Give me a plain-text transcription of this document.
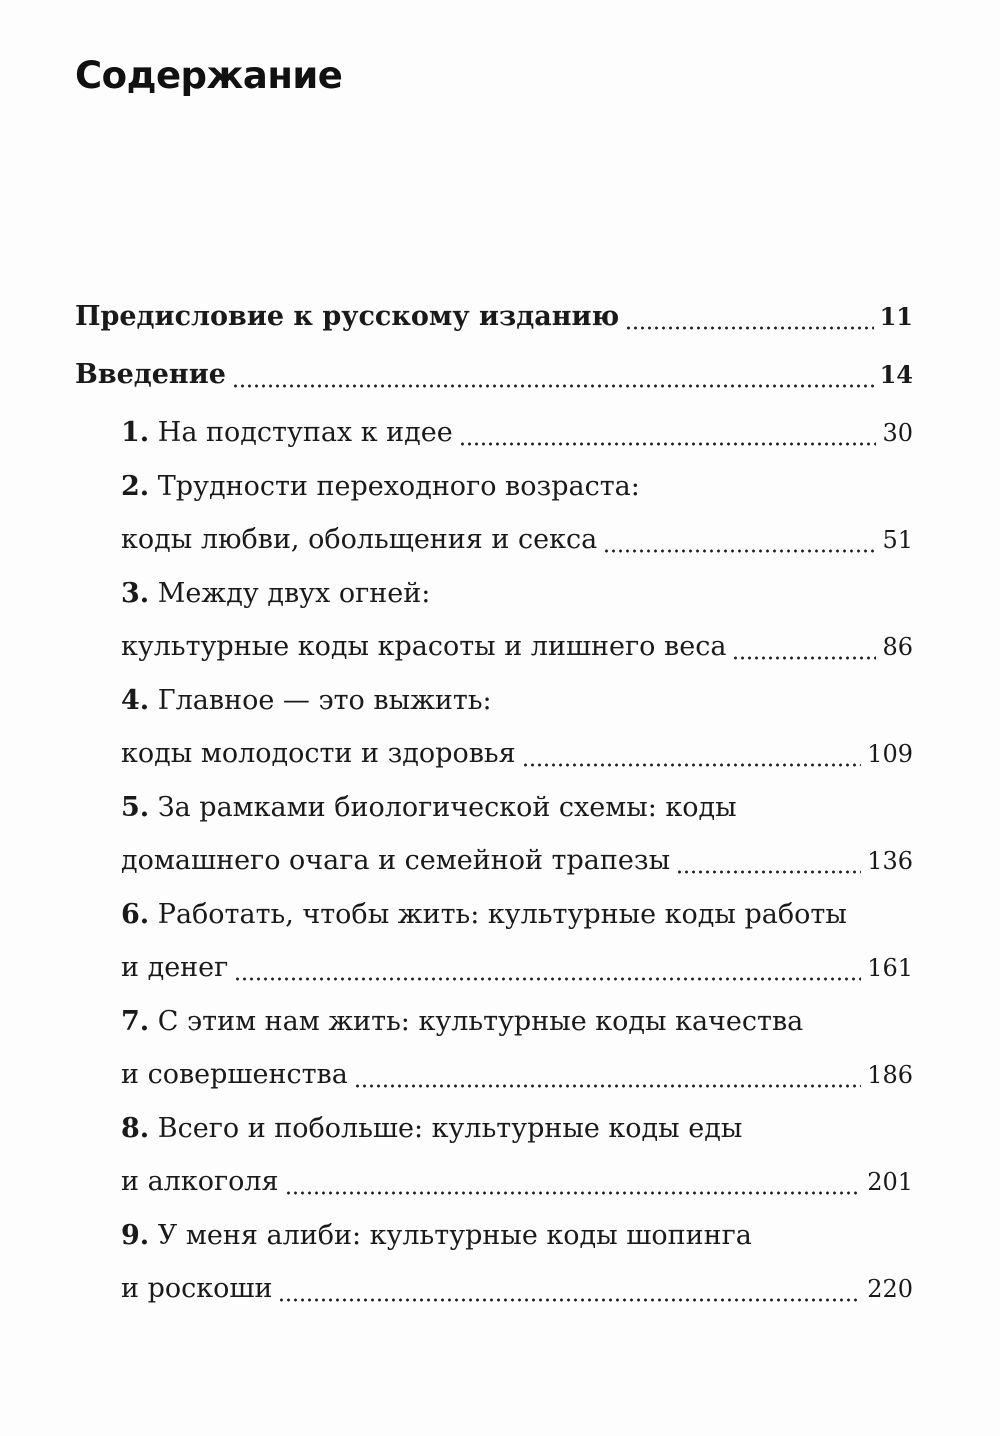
Содержание
Предисловие к русскому изданию	11
Введение	14
1. На подступах к идее	30
2. Трудности переходного возраста:
коды любви, обольщения и секса	51
3. Между двух огней:
культурные коды красоты и лишнего веса	86
4. Главное — это выжить:
коды молодости и здоровья	109
5. За рамками биологической схемы: коды
домашнего очага и семейной трапезы	136
6. Работать, чтобы жить: культурные коды работы
и денег	161
7. С этим нам жить: культурные коды качества
и совершенства	186
8. Всего и побольше: культурные коды еды
и алкоголя	201
9. У меня алиби: культурные коды шопинга
и роскоши	220
